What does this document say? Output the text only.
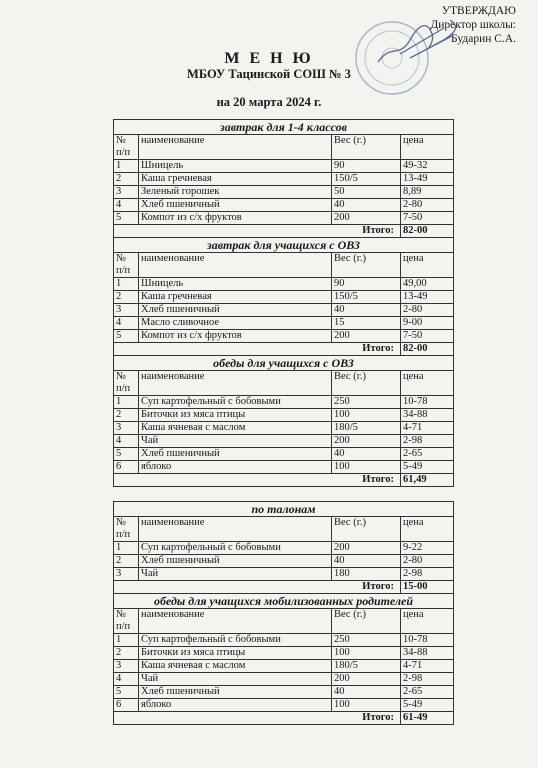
УТВЕРЖДАЮ
Директор школы:
Бударин С.А.
М Е Н Ю
МБОУ Тацинской СОШ № 3
на 20 марта 2024 г.
завтрак для 1-4 классов			
№ п/п	наименование	Вес (г.)	цена
1	Шницель	90	49-32
2	Каша гречневая	150/5	13-49
3	Зеленый горошек	50	8,89
4	Хлеб пшеничный	40	2-80
5	Компот из с/х фруктов	200	7-50
Итого:			82-00
завтрак для учащихся с ОВЗ			
№ п/п	наименование	Вес (г.)	цена
1	Шницель	90	49,00
2	Каша гречневая	150/5	13-49
3	Хлеб пшеничный	40	2-80
4	Масло сливочное	15	9-00
5	Компот из с/х фруктов	200	7-50
Итого:			82-00
обеды для учащихся с ОВЗ			
№ п/п	наименование	Вес (г.)	цена
1	Суп картофельный с бобовыми	250	10-78
2	Биточки из мяса птицы	100	34-88
3	Каша ячневая с маслом	180/5	4-71
4	Чай	200	2-98
5	Хлеб пшеничный	40	2-65
6	яблоко	100	5-49
Итого:			61,49

по талонам			
№ п/п	наименование	Вес (г.)	цена
1	Суп картофельный с бобовыми	200	9-22
2	Хлеб пшеничный	40	2-80
3	Чай	180	2-98
Итого:			15-00
обеды для учащихся мобилизованных родителей			
№ п/п	наименование	Вес (г.)	цена
1	Суп картофельный с бобовыми	250	10-78
2	Биточки из мяса птицы	100	34-88
3	Каша ячневая с маслом	180/5	4-71
4	Чай	200	2-98
5	Хлеб пшеничный	40	2-65
6	яблоко	100	5-49
Итого:			61-49
